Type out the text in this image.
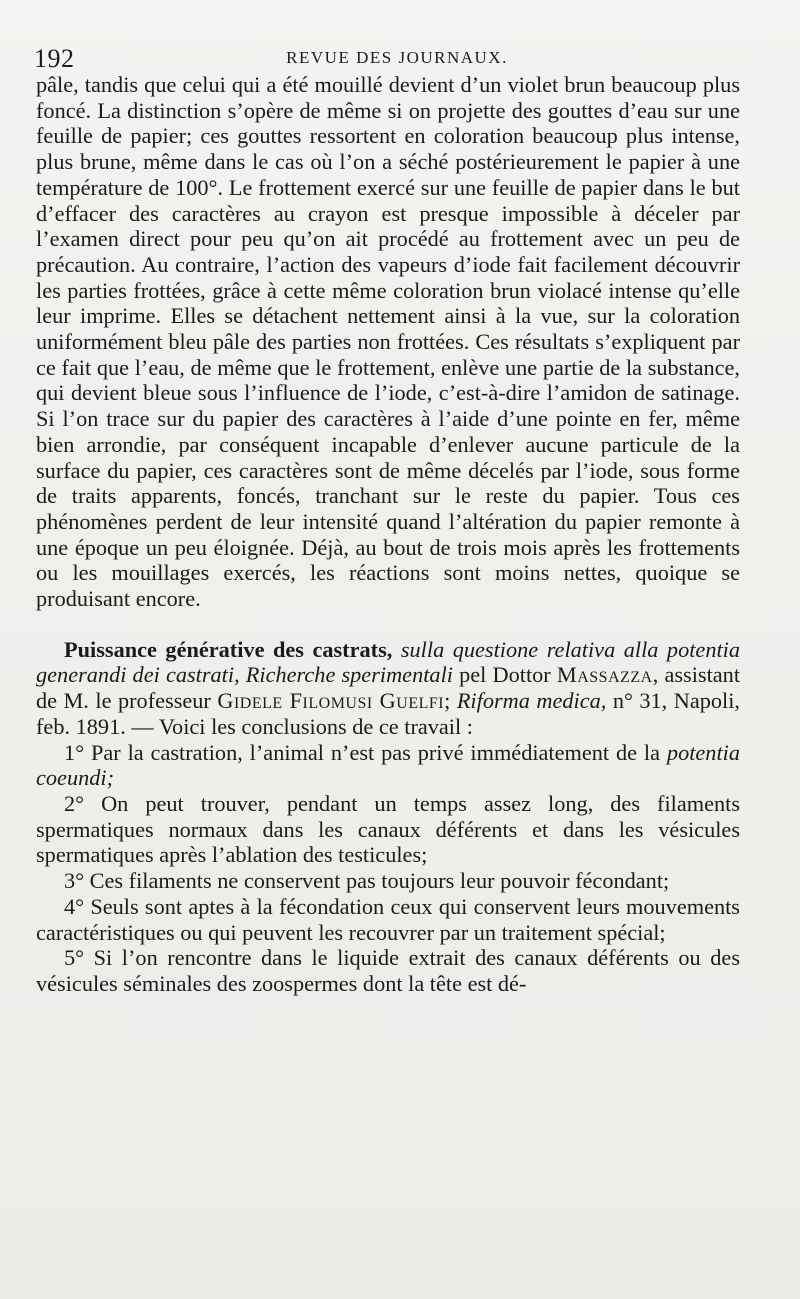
192	REVUE DES JOURNAUX.

pâle, tandis que celui qui a été mouillé devient d’un violet brun beaucoup plus foncé. La distinction s’opère de même si on projette des gouttes d’eau sur une feuille de papier; ces gouttes ressortent en coloration beaucoup plus intense, plus brune, même dans le cas où l’on a séché postérieurement le papier à une température de 100°. Le frottement exercé sur une feuille de papier dans le but d’effacer des caractères au crayon est presque impossible à déceler par l’examen direct pour peu qu’on ait procédé au frottement avec un peu de précaution. Au contraire, l’action des vapeurs d’iode fait facilement découvrir les parties frottées, grâce à cette même coloration brun violacé intense qu’elle leur imprime. Elles se détachent nettement ainsi à la vue, sur la coloration uniformément bleu pâle des parties non frottées. Ces résultats s’expliquent par ce fait que l’eau, de même que le frottement, enlève une partie de la substance, qui devient bleue sous l’influence de l’iode, c’est-à-dire l’amidon de satinage. Si l’on trace sur du papier des caractères à l’aide d’une pointe en fer, même bien arrondie, par conséquent incapable d’enlever aucune particule de la surface du papier, ces caractères sont de même décelés par l’iode, sous forme de traits apparents, foncés, tranchant sur le reste du papier. Tous ces phénomènes perdent de leur intensité quand l’altération du papier remonte à une époque un peu éloignée. Déjà, au bout de trois mois après les frottements ou les mouillages exercés, les réactions sont moins nettes, quoique se produisant encore.

Puissance générative des castrats, sulla questione relativa alla potentia generandi dei castrati, Richerche sperimentali pel Dottor Massazza, assistant de M. le professeur Gidele Filomusi Guelfi; Riforma medica, n° 31, Napoli, feb. 1891. — Voici les conclusions de ce travail :

1° Par la castration, l’animal n’est pas privé immédiatement de la potentia coeundi;

2° On peut trouver, pendant un temps assez long, des filaments spermatiques normaux dans les canaux déférents et dans les vésicules spermatiques après l’ablation des testicules;

3° Ces filaments ne conservent pas toujours leur pouvoir fécondant;

4° Seuls sont aptes à la fécondation ceux qui conservent leurs mouvements caractéristiques ou qui peuvent les recouvrer par un traitement spécial;

5° Si l’on rencontre dans le liquide extrait des canaux déférents ou des vésicules séminales des zoospermes dont la tête est dé-
